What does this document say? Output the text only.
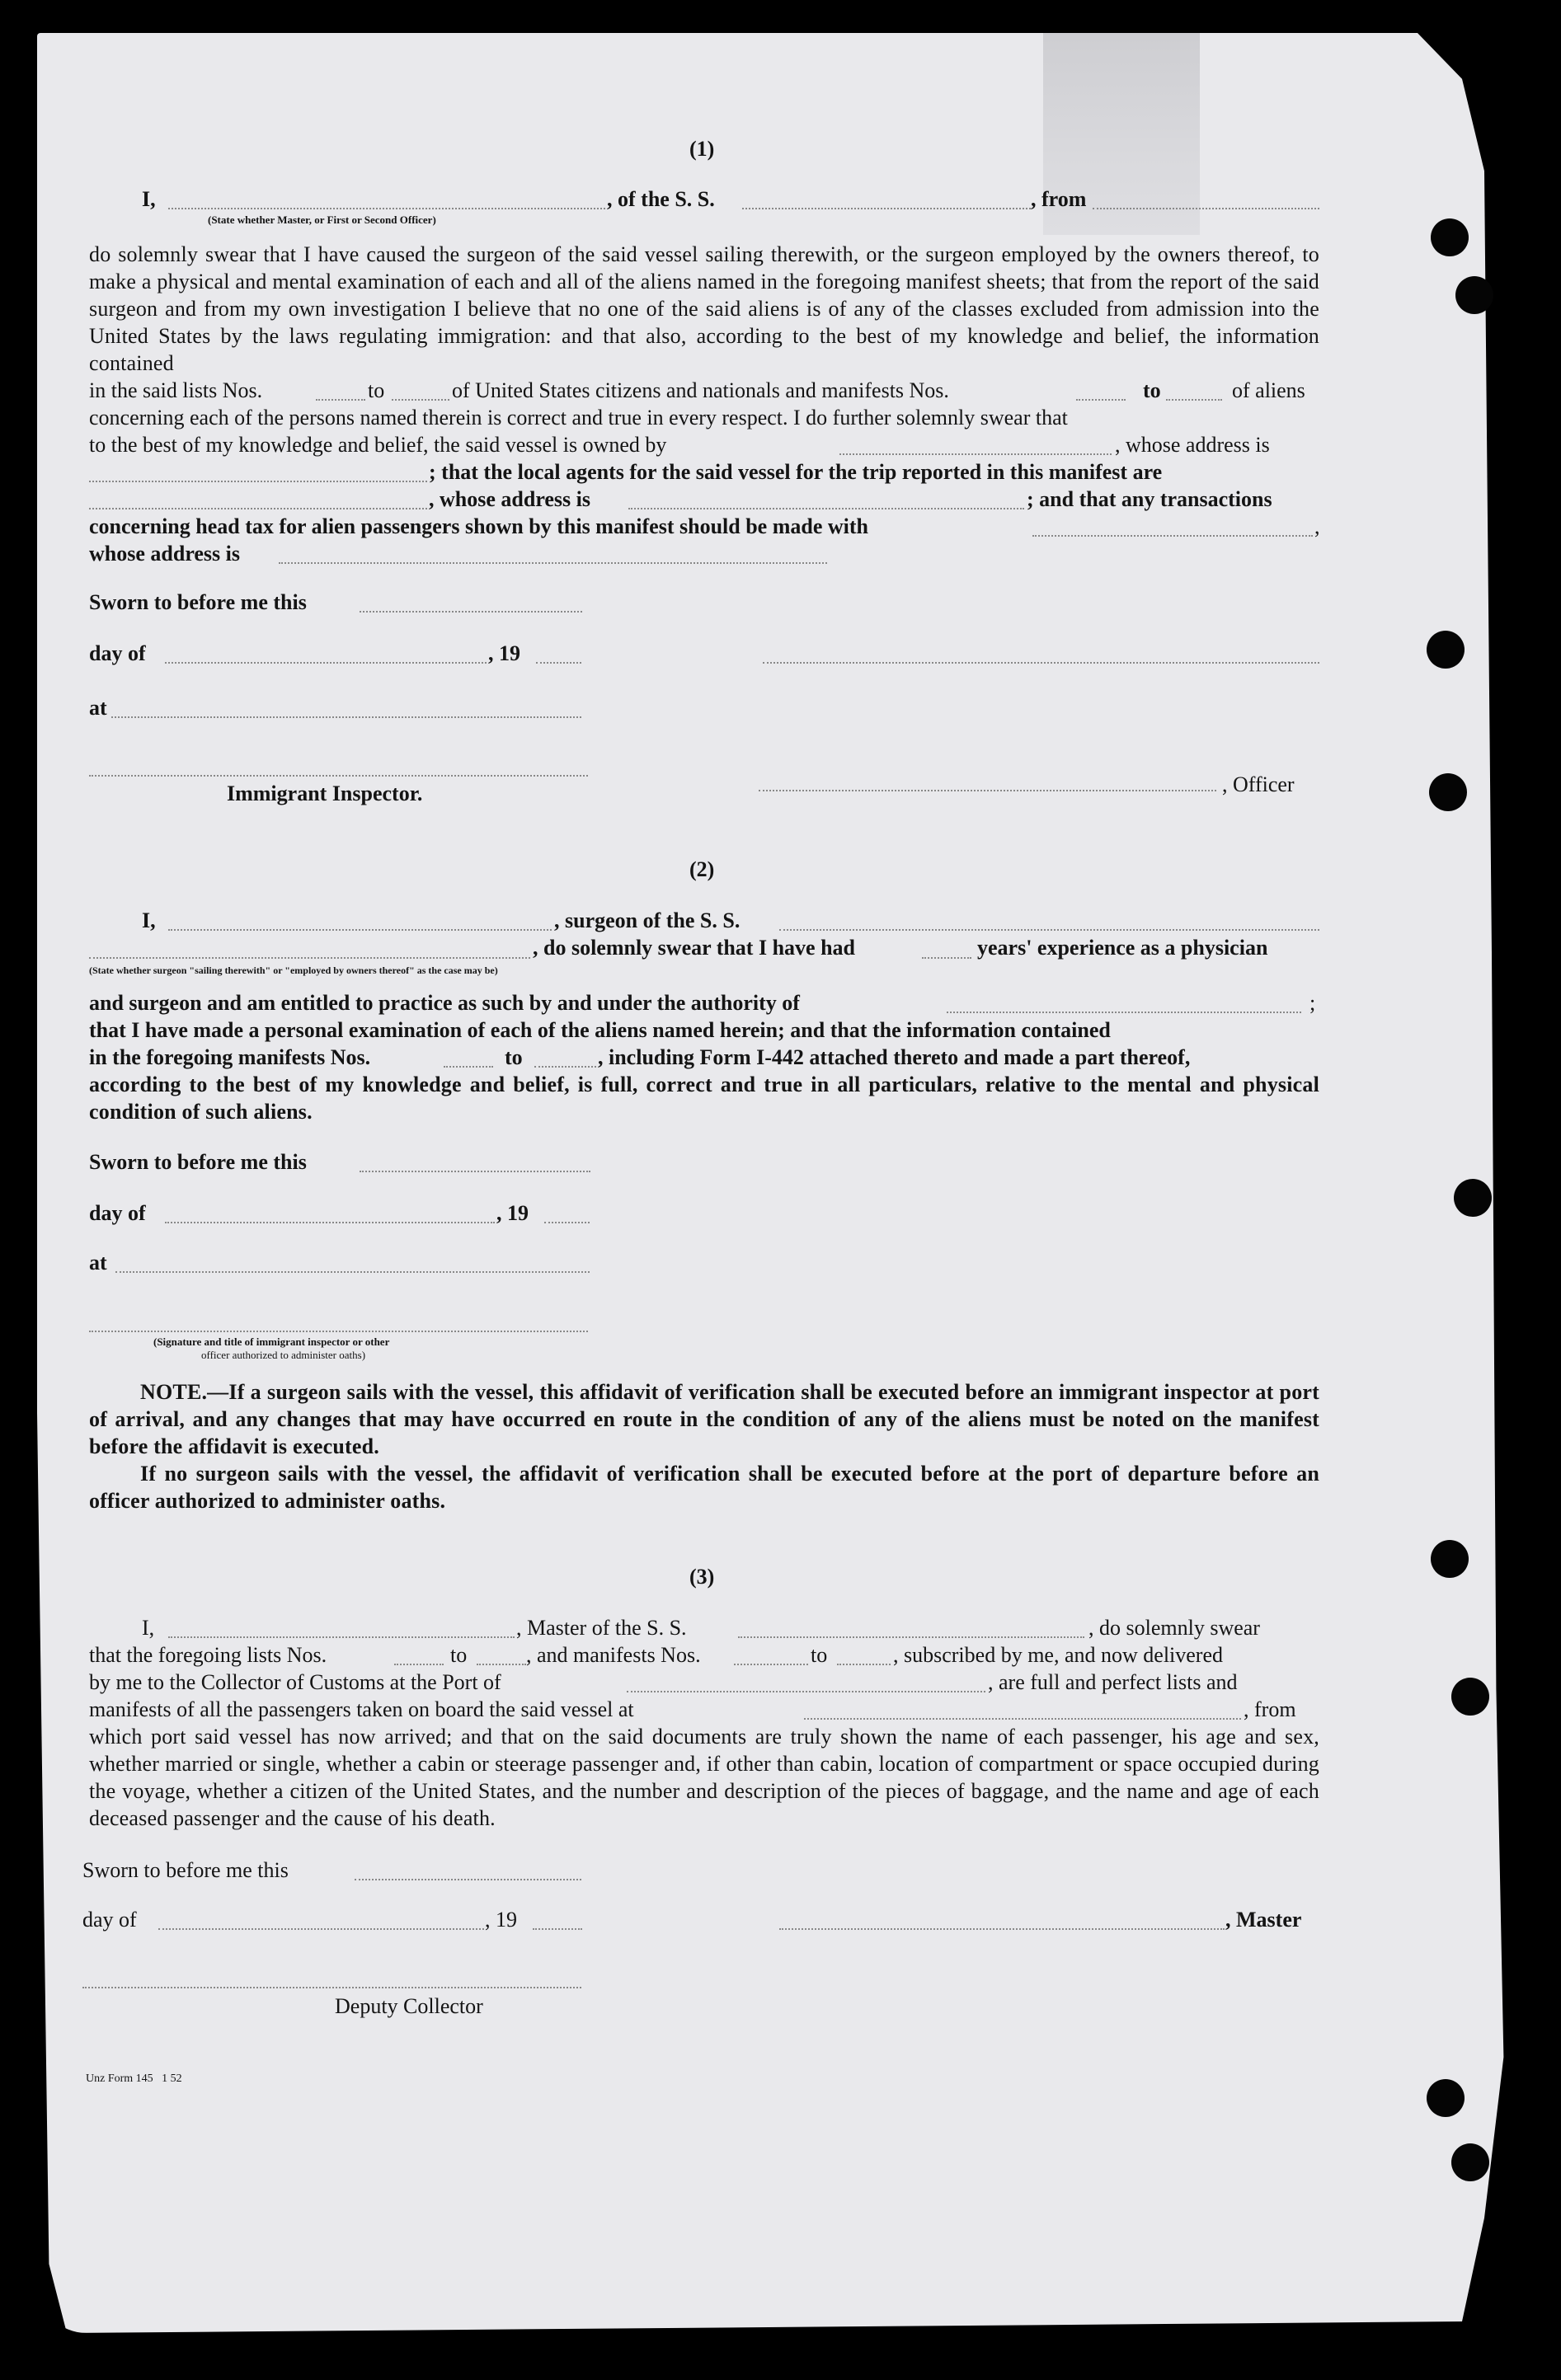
(1)
I,	, of the S. S.	, from
(State whether Master, or First or Second Officer)

do solemnly swear that I have caused the surgeon of the said vessel sailing therewith, or the surgeon employed by the owners thereof, to make a physical and mental examination of each and all of the aliens named in the foregoing manifest sheets; that from the report of the said surgeon and from my own investigation I believe that no one of the said aliens is of any of the classes excluded from admission into the United States by the laws regulating immigration: and that also, according to the best of my knowledge and belief, the information contained

in the said lists Nos.	to	of United States citizens and nationals and manifests Nos.	to	of aliens
concerning each of the persons named therein is correct and true in every respect. I do further solemnly swear that
to the best of my knowledge and belief, the said vessel is owned by	, whose address is
; that the local agents for the said vessel for the trip reported in this manifest are
, whose address is	; and that any transactions
concerning head tax for alien passengers shown by this manifest should be made with	,
whose address is
Sworn to before me this
day of	, 19
at
Immigrant Inspector.	, Officer
(2)
I,	, surgeon of the S. S.
, do solemnly swear that I have had	years' experience as a physician
(State whether surgeon "sailing therewith" or "employed by owners thereof" as the case may be)
and surgeon and am entitled to practice as such by and under the authority of	;
that I have made a personal examination of each of the aliens named herein; and that the information contained
in the foregoing manifests Nos.	to	, including Form I-442 attached thereto and made a part thereof,

according to the best of my knowledge and belief, is full, correct and true in all particulars, relative to the mental and physical condition of such aliens.

Sworn to before me this
day of	, 19
at
(Signature and title of immigrant inspector or other
officer authorized to administer oaths)

NOTE.—If a surgeon sails with the vessel, this affidavit of verification shall be executed before an immigrant inspector at port of arrival, and any changes that may have occurred en route in the condition of any of the aliens must be noted on the manifest before the affidavit is executed.

If no surgeon sails with the vessel, the affidavit of verification shall be executed before at the port of departure before an officer authorized to administer oaths.

(3)
I,	, Master of the S. S.	, do solemnly swear
that the foregoing lists Nos.	to	, and manifests Nos.	to	, subscribed by me, and now delivered
by me to the Collector of Customs at the Port of	, are full and perfect lists and
manifests of all the passengers taken on board the said vessel at	, from

which port said vessel has now arrived; and that on the said documents are truly shown the name of each passenger, his age and sex, whether married or single, whether a cabin or steerage passenger and, if other than cabin, location of compartment or space occupied during the voyage, whether a citizen of the United States, and the number and description of the pieces of baggage, and the name and age of each deceased passenger and the cause of his death.

Sworn to before me this
day of	, 19	, Master
Deputy Collector
Unz Form 145   1 52
